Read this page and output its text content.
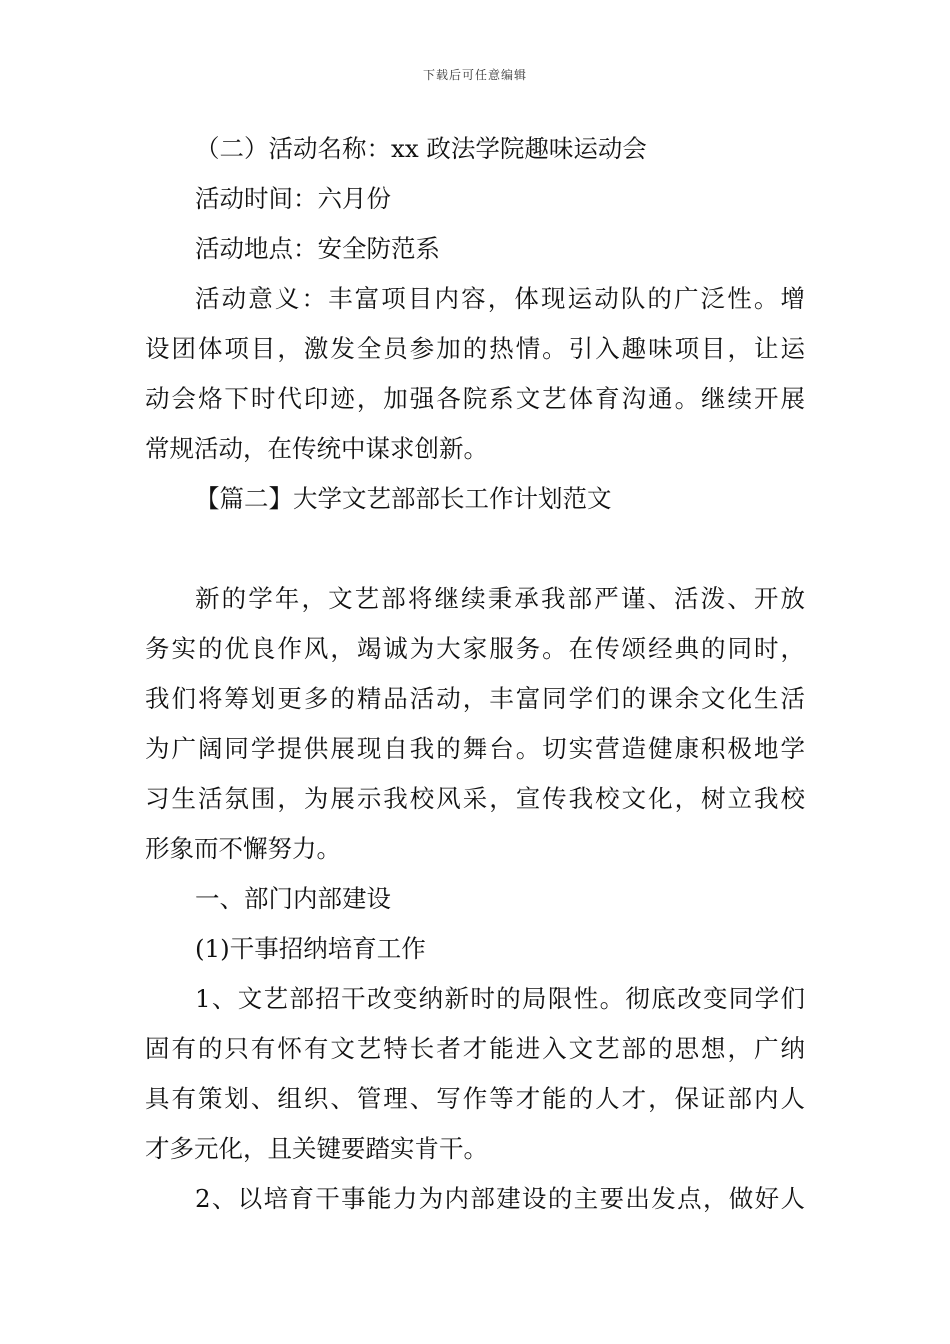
下载后可任意编辑
（二）活动名称：xx 政法学院趣味运动会
活动时间：六月份
活动地点：安全防范系
活动意义：丰富项目内容，体现运动队的广泛性。增
设团体项目，激发全员参加的热情。引入趣味项目，让运
动会烙下时代印迹，加强各院系文艺体育沟通。继续开展
常规活动，在传统中谋求创新。
【篇二】大学文艺部部长工作计划范文
新的学年，文艺部将继续秉承我部严谨、活泼、开放
务实的优良作风，竭诚为大家服务。在传颂经典的同时，
我们将筹划更多的精品活动，丰富同学们的课余文化生活
为广阔同学提供展现自我的舞台。切实营造健康积极地学
习生活氛围，为展示我校风采，宣传我校文化，树立我校
形象而不懈努力。
一、部门内部建设
(1)干事招纳培育工作
1、文艺部招干改变纳新时的局限性。彻底改变同学们
固有的只有怀有文艺特长者才能进入文艺部的思想，广纳
具有策划、组织、管理、写作等才能的人才，保证部内人
才多元化，且关键要踏实肯干。
2、以培育干事能力为内部建设的主要出发点，做好人
